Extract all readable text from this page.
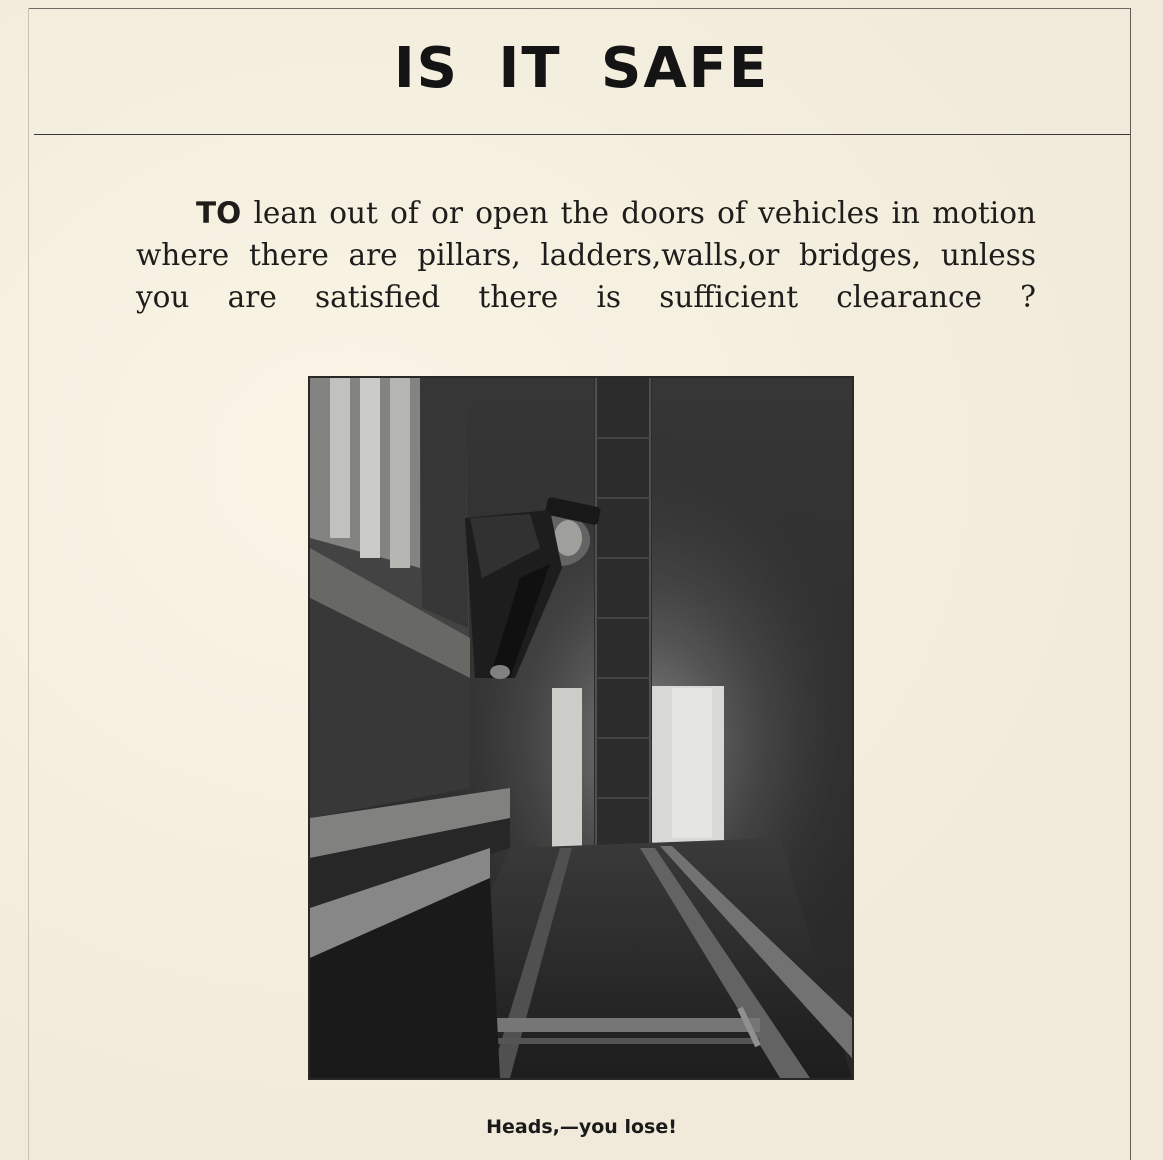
IS IT SAFE
TO lean out of or open the doors of vehicles in motion where there are pillars, ladders,walls,or bridges, unless you are satisfied there is sufficient clearance ?
Heads,—you lose!
